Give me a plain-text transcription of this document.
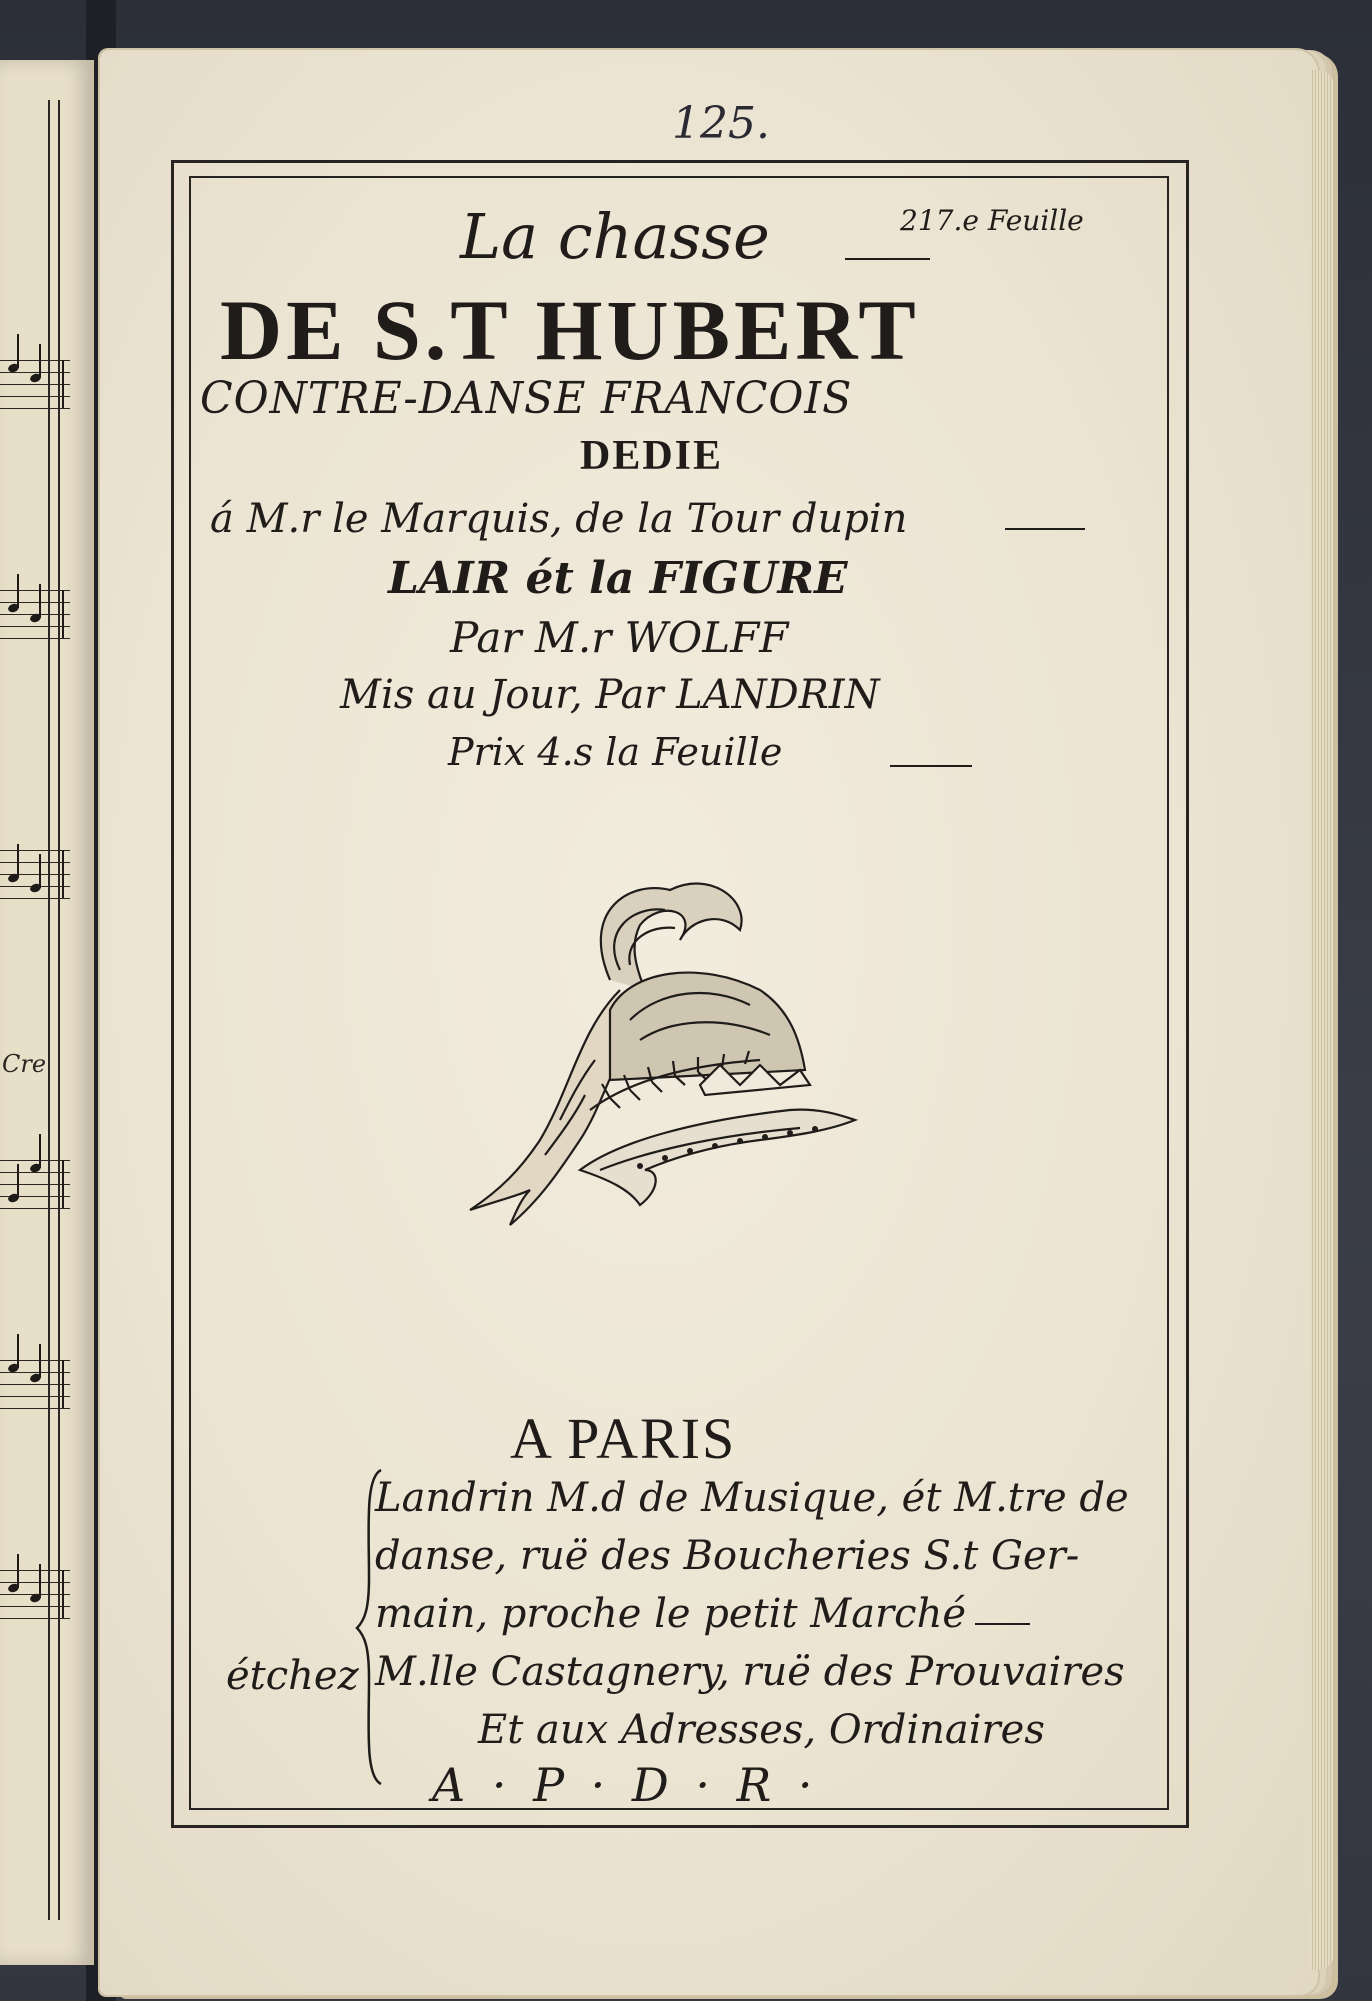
Cre
125.
La chasse	217.e Feuille
DE S.T HUBERT
CONTRE-DANSE FRANCOIS
DEDIE
á M.r le Marquis, de la Tour dupin
LAIR ét la FIGURE
Par M.r WOLFF
Mis au Jour, Par LANDRIN
Prix 4.s la Feuille
A PARIS
Landrin M.d de Musique, ét M.tre de
danse, ruë des Boucheries S.t Ger-
main, proche le petit Marché
étchez M.lle Castagnery, ruë des Prouvaires
Et aux Adresses, Ordinaires
A · P · D · R ·
